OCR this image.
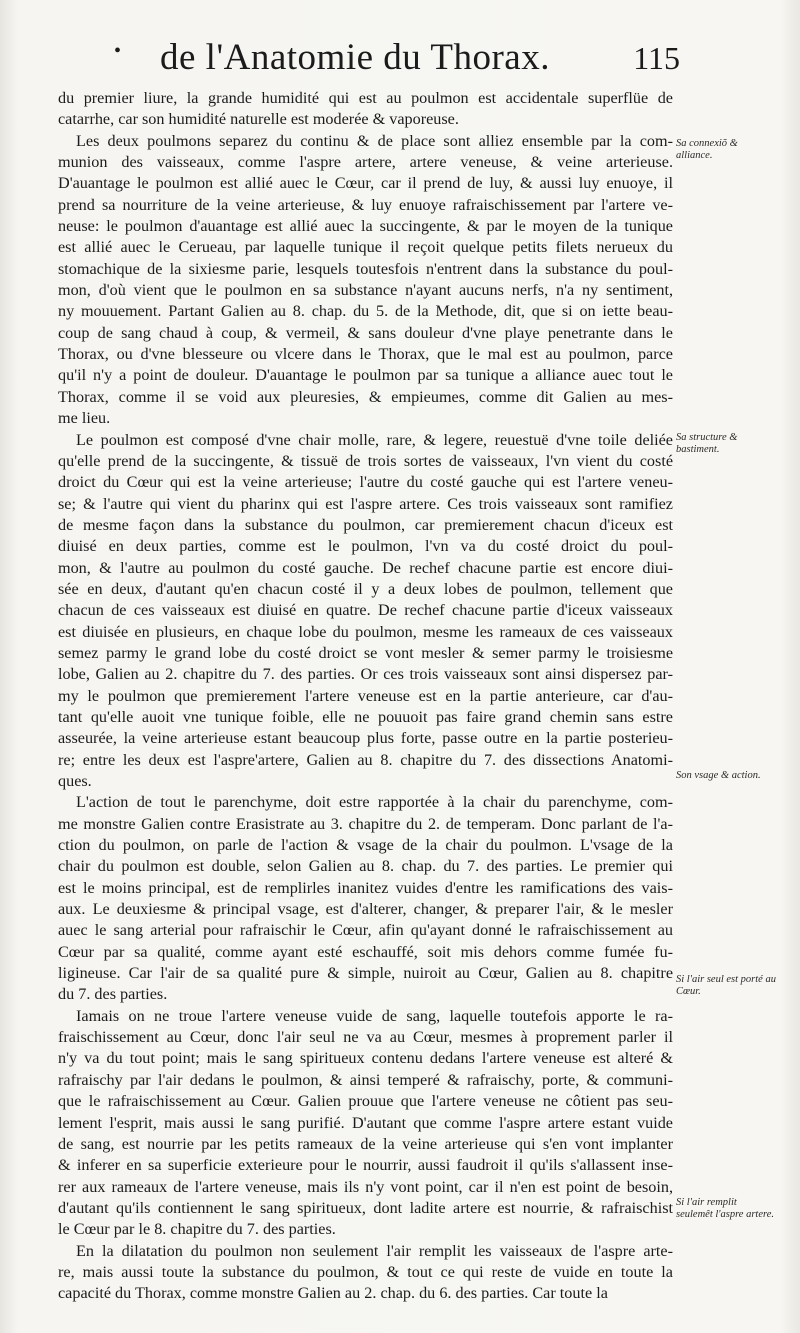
• de l'Anatomie du Thorax.	115

du premier liure, la grande humidité qui est au poulmon est accidentale superflüe de
catarrhe, car son humidité naturelle est moderée & vaporeuse.

Les deux poulmons separez du continu & de place sont alliez ensemble par la com-
munion des vaisseaux, comme l'aspre artere, artere veneuse, & veine arterieuse.
D'auantage le poulmon est allié auec le Cœur, car il prend de luy, & aussi luy enuoye, il
prend sa nourriture de la veine arterieuse, & luy enuoye rafraischissement par l'artere ve-
neuse: le poulmon d'auantage est allié auec la succingente, & par le moyen de la tunique
est allié auec le Cerueau, par laquelle tunique il reçoit quelque petits filets nerueux du
stomachique de la sixiesme parie, lesquels toutesfois n'entrent dans la substance du poul-
mon, d'où vient que le poulmon en sa substance n'ayant aucuns nerfs, n'a ny sentiment,
ny mouuement. Partant Galien au 8. chap. du 5. de la Methode, dit, que si on iette beau-
coup de sang chaud à coup, & vermeil, & sans douleur d'vne playe penetrante dans le
Thorax, ou d'vne blesseure ou vlcere dans le Thorax, que le mal est au poulmon, parce
qu'il n'y a point de douleur. D'auantage le poulmon par sa tunique a alliance auec tout le
Thorax, comme il se void aux pleuresies, & empieumes, comme dit Galien au mes-
me lieu.

Le poulmon est composé d'vne chair molle, rare, & legere, reuestuë d'vne toile deliée
qu'elle prend de la succingente, & tissuë de trois sortes de vaisseaux, l'vn vient du costé
droict du Cœur qui est la veine arterieuse; l'autre du costé gauche qui est l'artere veneu-
se; & l'autre qui vient du pharinx qui est l'aspre artere. Ces trois vaisseaux sont ramifiez
de mesme façon dans la substance du poulmon, car premierement chacun d'iceux est
diuisé en deux parties, comme est le poulmon, l'vn va du costé droict du poul-
mon, & l'autre au poulmon du costé gauche. De rechef chacune partie est encore diui-
sée en deux, d'autant qu'en chacun costé il y a deux lobes de poulmon, tellement que
chacun de ces vaisseaux est diuisé en quatre. De rechef chacune partie d'iceux vaisseaux
est diuisée en plusieurs, en chaque lobe du poulmon, mesme les rameaux de ces vaisseaux
semez parmy le grand lobe du costé droict se vont mesler & semer parmy le troisiesme
lobe, Galien au 2. chapitre du 7. des parties. Or ces trois vaisseaux sont ainsi dispersez par-
my le poulmon que premierement l'artere veneuse est en la partie anterieure, car d'au-
tant qu'elle auoit vne tunique foible, elle ne pouuoit pas faire grand chemin sans estre
asseurée, la veine arterieuse estant beaucoup plus forte, passe outre en la partie posterieu-
re; entre les deux est l'aspre'artere, Galien au 8. chapitre du 7. des dissections Anatomi-
ques.

L'action de tout le parenchyme, doit estre rapportée à la chair du parenchyme, com-
me monstre Galien contre Erasistrate au 3. chapitre du 2. de temperam. Donc parlant de l'a-
ction du poulmon, on parle de l'action & vsage de la chair du poulmon. L'vsage de la
chair du poulmon est double, selon Galien au 8. chap. du 7. des parties. Le premier qui
est le moins principal, est de remplirles inanitez vuides d'entre les ramifications des vais-
aux. Le deuxiesme & principal vsage, est d'alterer, changer, & preparer l'air, & le mesler
auec le sang arterial pour rafraischir le Cœur, afin qu'ayant donné le rafraischissement au
Cœur par sa qualité, comme ayant esté eschauffé, soit mis dehors comme fumée fu-
ligineuse. Car l'air de sa qualité pure & simple, nuiroit au Cœur, Galien au 8. chapitre
du 7. des parties.

Iamais on ne troue l'artere veneuse vuide de sang, laquelle toutefois apporte le ra-
fraischissement au Cœur, donc l'air seul ne va au Cœur, mesmes à proprement parler il
n'y va du tout point; mais le sang spiritueux contenu dedans l'artere veneuse est alteré &
rafraischy par l'air dedans le poulmon, & ainsi temperé & rafraischy, porte, & communi-
que le rafraischissement au Cœur. Galien prouue que l'artere veneuse ne côtient pas seu-
lement l'esprit, mais aussi le sang purifié. D'autant que comme l'aspre artere estant vuide
de sang, est nourrie par les petits rameaux de la veine arterieuse qui s'en vont implanter
& inferer en sa superficie exterieure pour le nourrir, aussi faudroit il qu'ils s'allassent inse-
rer aux rameaux de l'artere veneuse, mais ils n'y vont point, car il n'en est point de besoin,
d'autant qu'ils contiennent le sang spiritueux, dont ladite artere est nourrie, & rafraischist
le Cœur par le 8. chapitre du 7. des parties.

En la dilatation du poulmon non seulement l'air remplit les vaisseaux de l'aspre arte-
re, mais aussi toute la substance du poulmon, & tout ce qui reste de vuide en toute la
capacité du Thorax, comme monstre Galien au 2. chap. du 6. des parties. Car toute la

Sa connexiõ & alliance.
Sa structure & bastiment.
Son vsage & action.
Si l'air seul est porté au Cœur.
Si l'air remplit seulemêt l'aspre artere.
